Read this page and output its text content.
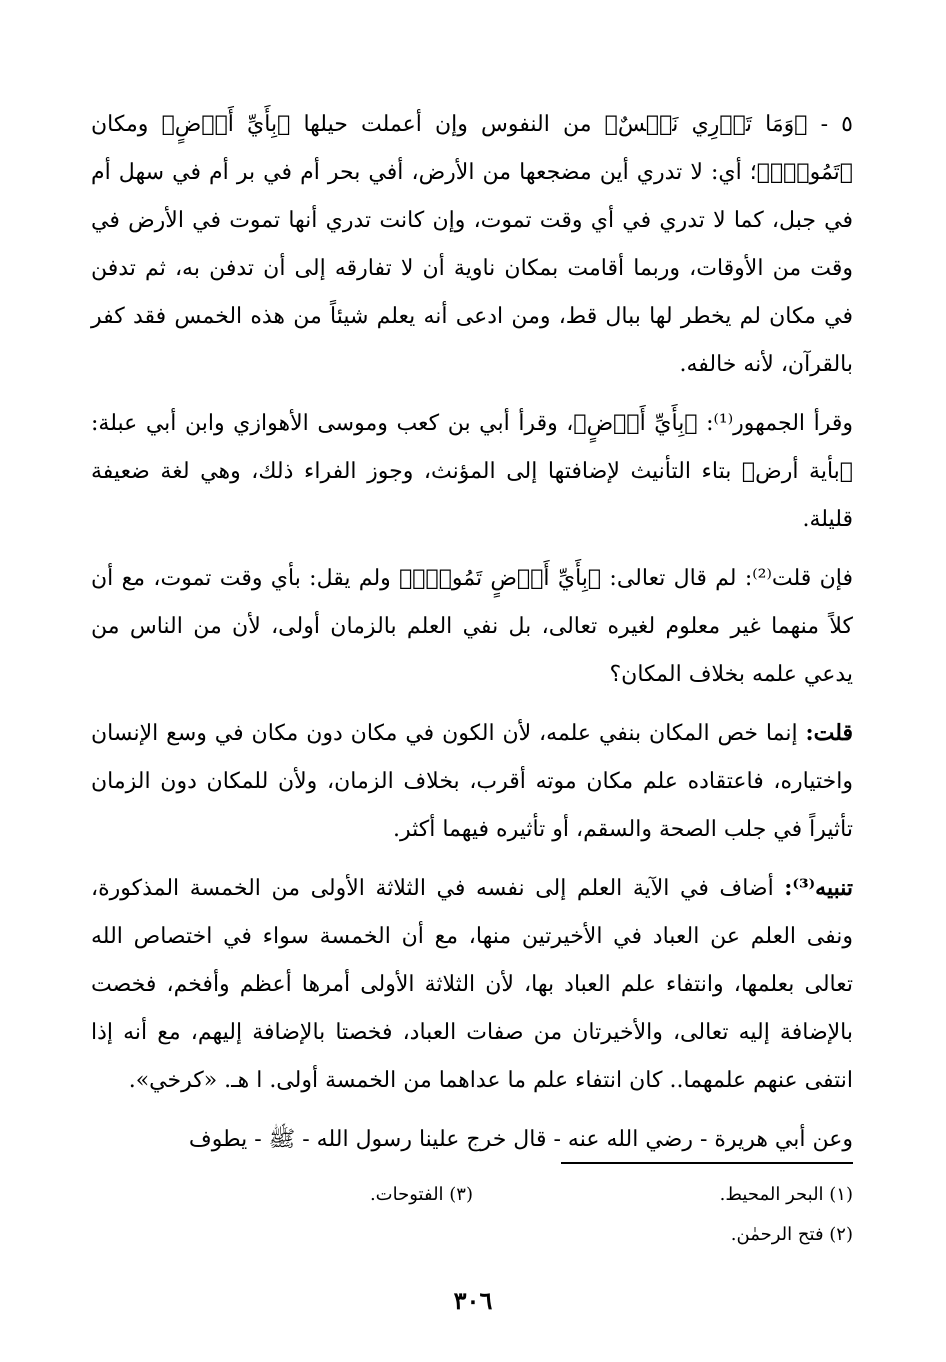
٥ - ﴿وَمَا تَدۡرِي نَفۡسٌ﴾ من النفوس وإن أعملت حيلها ﴿بِأَيِّ أَرۡضٍ﴾ ومكان ﴿تَمُوتُۚ﴾؛ أي: لا تدري أين مضجعها من الأرض، أفي بحر أم في بر أم في سهل أم في جبل، كما لا تدري في أي وقت تموت، وإن كانت تدري أنها تموت في الأرض في وقت من الأوقات، وربما أقامت بمكان ناوية أن لا تفارقه إلى أن تدفن به، ثم تدفن في مكان لم يخطر لها ببال قط، ومن ادعى أنه يعلم شيئاً من هذه الخمس فقد كفر بالقرآن، لأنه خالفه.

وقرأ الجمهور⁽¹⁾: ﴿بِأَيِّ أَرۡضٍ﴾، وقرأ أبي بن كعب وموسى الأهوازي وابن أبي عبلة: ﴿بأية أرض﴾ بتاء التأنيث لإضافتها إلى المؤنث، وجوز الفراء ذلك، وهي لغة ضعيفة قليلة.

فإن قلت⁽²⁾: لم قال تعالى: ﴿بِأَيِّ أَرۡضٍ تَمُوتُۚ﴾ ولم يقل: بأي وقت تموت، مع أن كلاً منهما غير معلوم لغيره تعالى، بل نفي العلم بالزمان أولى، لأن من الناس من يدعي علمه بخلاف المكان؟

قلت: إنما خص المكان بنفي علمه، لأن الكون في مكان دون مكان في وسع الإنسان واختياره، فاعتقاده علم مكان موته أقرب، بخلاف الزمان، ولأن للمكان دون الزمان تأثيراً في جلب الصحة والسقم، أو تأثيره فيهما أكثر.

تنبيه⁽³⁾: أضاف في الآية العلم إلى نفسه في الثلاثة الأولى من الخمسة المذكورة، ونفى العلم عن العباد في الأخيرتين منها، مع أن الخمسة سواء في اختصاص الله تعالى بعلمها، وانتفاء علم العباد بها، لأن الثلاثة الأولى أمرها أعظم وأفخم، فخصت بالإضافة إليه تعالى، والأخيرتان من صفات العباد، فخصتا بالإضافة إليهم، مع أنه إذا انتفى عنهم علمهما.. كان انتفاء علم ما عداهما من الخمسة أولى. ا هـ. «كرخي».

وعن أبي هريرة - رضي الله عنه - قال خرج علينا رسول الله - ﷺ - يطوف

(١) البحر المحيط.
(٣) الفتوحات.
(٢) فتح الرحمٰن.
٣٠٦
